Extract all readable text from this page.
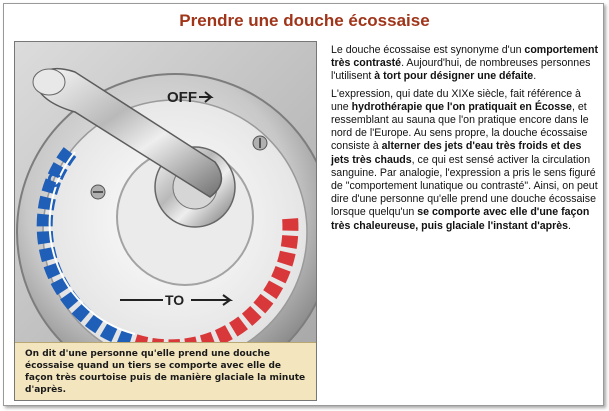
Prendre une douche écossaise
OFF
TO
C
On dit d'une personne qu'elle prend une douche écossaise quand un tiers se comporte avec elle de façon très courtoise puis de manière glaciale la minute d'après.

Le douche écossaise est synonyme d'un comportement très contrasté. Aujourd'hui, de nombreuses personnes l'utilisent à tort pour désigner une défaite.

L'expression, qui date du XIXe siècle, fait référence à une hydrothérapie que l'on pratiquait en Écosse, et ressemblant au sauna que l'on pratique encore dans le nord de l'Europe. Au sens propre, la douche écossaise consiste à alterner des jets d'eau très froids et des jets très chauds, ce qui est sensé activer la circulation sanguine. Par analogie, l'expression a pris le sens figuré de "comportement lunatique ou contrasté". Ainsi, on peut dire d'une personne qu'elle prend une douche écossaise lorsque quelqu'un se comporte avec elle d'une façon très chaleureuse, puis glaciale l'instant d'après.
